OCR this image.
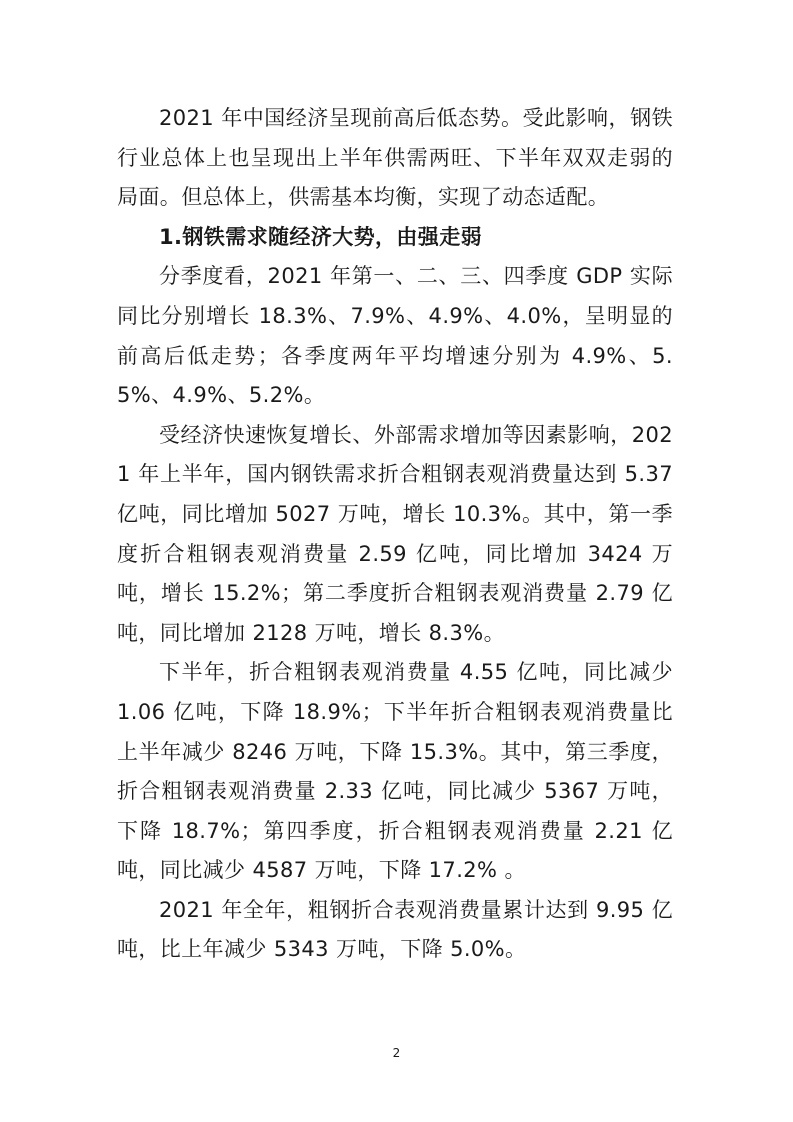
2021 年中国经济呈现前高后低态势。受此影响，钢铁行业总体上也呈现出上半年供需两旺、下半年双双走弱的局面。但总体上，供需基本均衡，实现了动态适配。

1.钢铁需求随经济大势，由强走弱

分季度看，2021 年第一、二、三、四季度 GDP 实际同比分别增长 18.3%、7.9%、4.9%、4.0%，呈明显的前高后低走势；各季度两年平均增速分别为 4.9%、5.5%、4.9%、5.2%。

受经济快速恢复增长、外部需求增加等因素影响，2021 年上半年，国内钢铁需求折合粗钢表观消费量达到 5.37 亿吨，同比增加 5027 万吨，增长 10.3%。其中，第一季度折合粗钢表观消费量 2.59 亿吨，同比增加 3424 万吨，增长 15.2%；第二季度折合粗钢表观消费量 2.79 亿吨，同比增加 2128 万吨，增长 8.3%。

下半年，折合粗钢表观消费量 4.55 亿吨，同比减少 1.06 亿吨，下降 18.9%；下半年折合粗钢表观消费量比上半年减少 8246 万吨，下降 15.3%。其中，第三季度，折合粗钢表观消费量 2.33 亿吨，同比减少 5367 万吨，下降 18.7%；第四季度，折合粗钢表观消费量 2.21 亿吨，同比减少 4587 万吨，下降 17.2% 。

2021 年全年，粗钢折合表观消费量累计达到 9.95 亿吨，比上年减少 5343 万吨，下降 5.0%。

2
